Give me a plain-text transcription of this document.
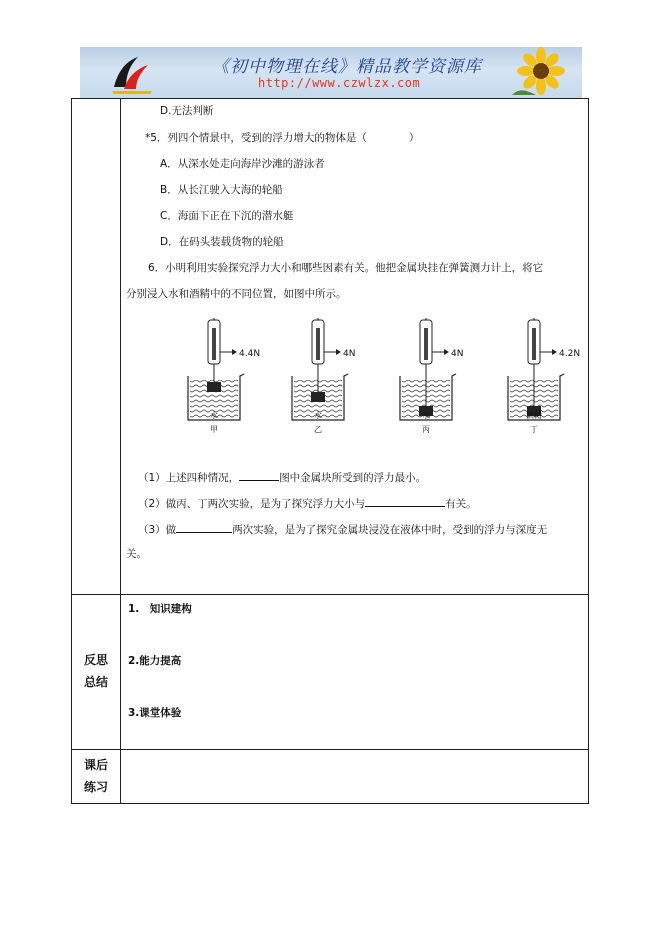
《初中物理在线》精品教学资源库
http://www.czwlzx.com
D.无法判断
*5．列四个情景中，受到的浮力增大的物体是（　　　　）
A．从深水处走向海岸沙滩的游泳者
B．从长江驶入大海的轮船
C．海面下正在下沉的潜水艇
D．在码头装载货物的轮船
6．小明利用实验探究浮力大小和哪些因素有关。他把金属块挂在弹簧测力计上，将它
分别浸入水和酒精中的不同位置，如图中所示。
4.4N
水
甲
4N
水
乙
4N
水
丙
4.2N
酒精
丁
（1）上述四种情况，	图中金属块所受到的浮力最小。
（2）做丙、丁两次实验，是为了探究浮力大小与	有关。
（3）做	两次实验，是为了探究金属块浸没在液体中时，受到的浮力与深度无
关。
反思
总结
1.　知识建构
2.能力提高
3.课堂体验
课后
练习
